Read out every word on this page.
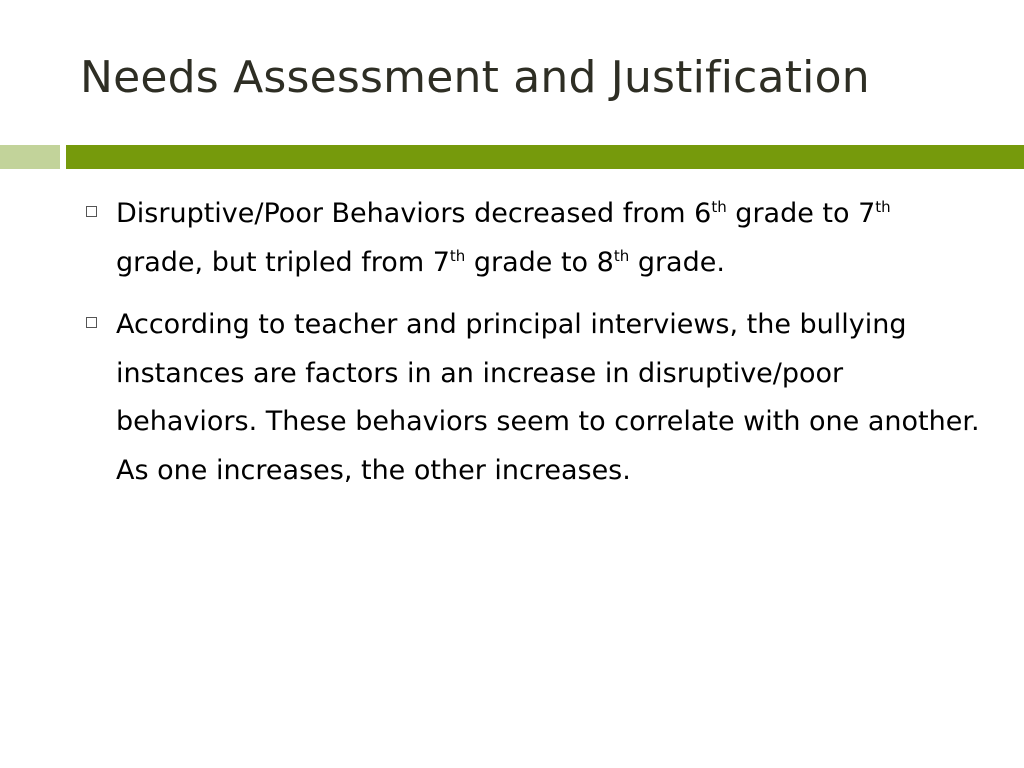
Needs Assessment and Justification
Disruptive/Poor Behaviors decreased from 6th grade to 7th grade, but tripled from 7th grade to 8th grade.
According to teacher and principal interviews, the bullying instances are factors in an increase in disruptive/poor behaviors. These behaviors seem to correlate with one another. As one increases, the other increases.
